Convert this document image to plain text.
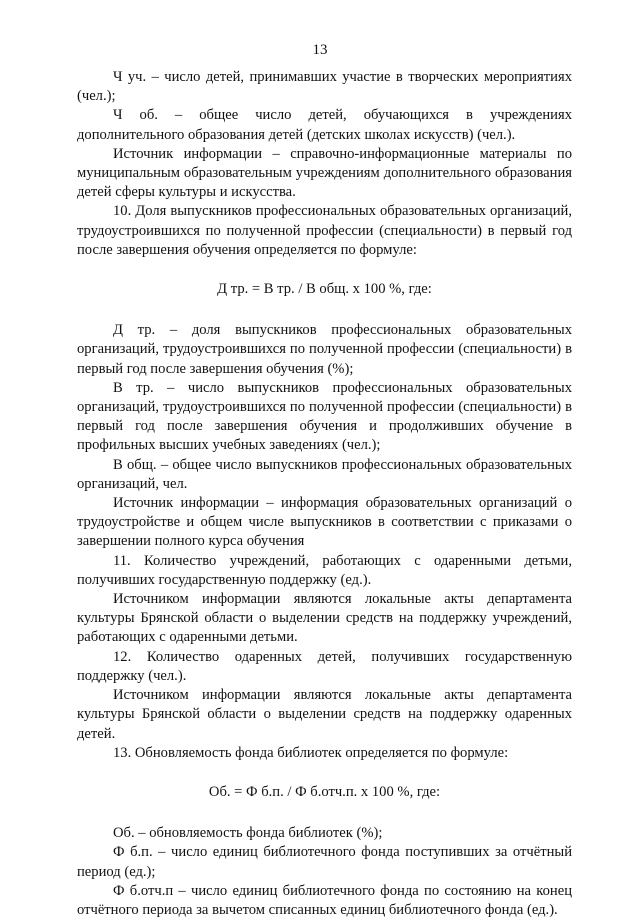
13

Ч уч. – число детей, принимавших участие в творческих мероприятиях (чел.);

Ч об. – общее число детей, обучающихся в учреждениях дополнительного образования детей (детских школах искусств) (чел.).

Источник информации – справочно-информационные материалы по муниципальным образовательным учреждениям дополнительного образования детей сферы культуры и искусства.

10. Доля выпускников профессиональных образовательных организаций, трудоустроившихся по полученной профессии (специальности) в первый год после завершения обучения определяется по формуле:

Д тр. = В тр. / В общ. х 100 %, где:

Д тр. – доля выпускников профессиональных образовательных организаций, трудоустроившихся по полученной профессии (специальности) в первый год после завершения обучения (%);

В тр. – число выпускников профессиональных образовательных организаций, трудоустроившихся по полученной профессии (специальности) в первый год после завершения обучения и продолживших обучение в профильных высших учебных заведениях (чел.);

В общ. – общее число выпускников профессиональных образовательных организаций, чел.

Источник информации – информация образовательных организаций о трудоустройстве и общем числе выпускников в соответствии с приказами о завершении полного курса обучения

11. Количество учреждений, работающих с одаренными детьми, получивших государственную поддержку (ед.).

Источником информации являются локальные акты департамента культуры Брянской области о выделении средств на поддержку учреждений, работающих с одаренными детьми.

12. Количество одаренных детей, получивших государственную поддержку (чел.).

Источником информации являются локальные акты департамента культуры Брянской области о выделении средств на поддержку одаренных детей.

13. Обновляемость фонда библиотек определяется по формуле:

Об. = Ф б.п. / Ф б.отч.п. х 100 %, где:

Об. – обновляемость фонда библиотек (%);

Ф б.п. – число единиц библиотечного фонда поступивших за отчётный период (ед.);

Ф б.отч.п – число единиц библиотечного фонда по состоянию на конец отчётного периода за вычетом списанных единиц библиотечного фонда (ед.).
